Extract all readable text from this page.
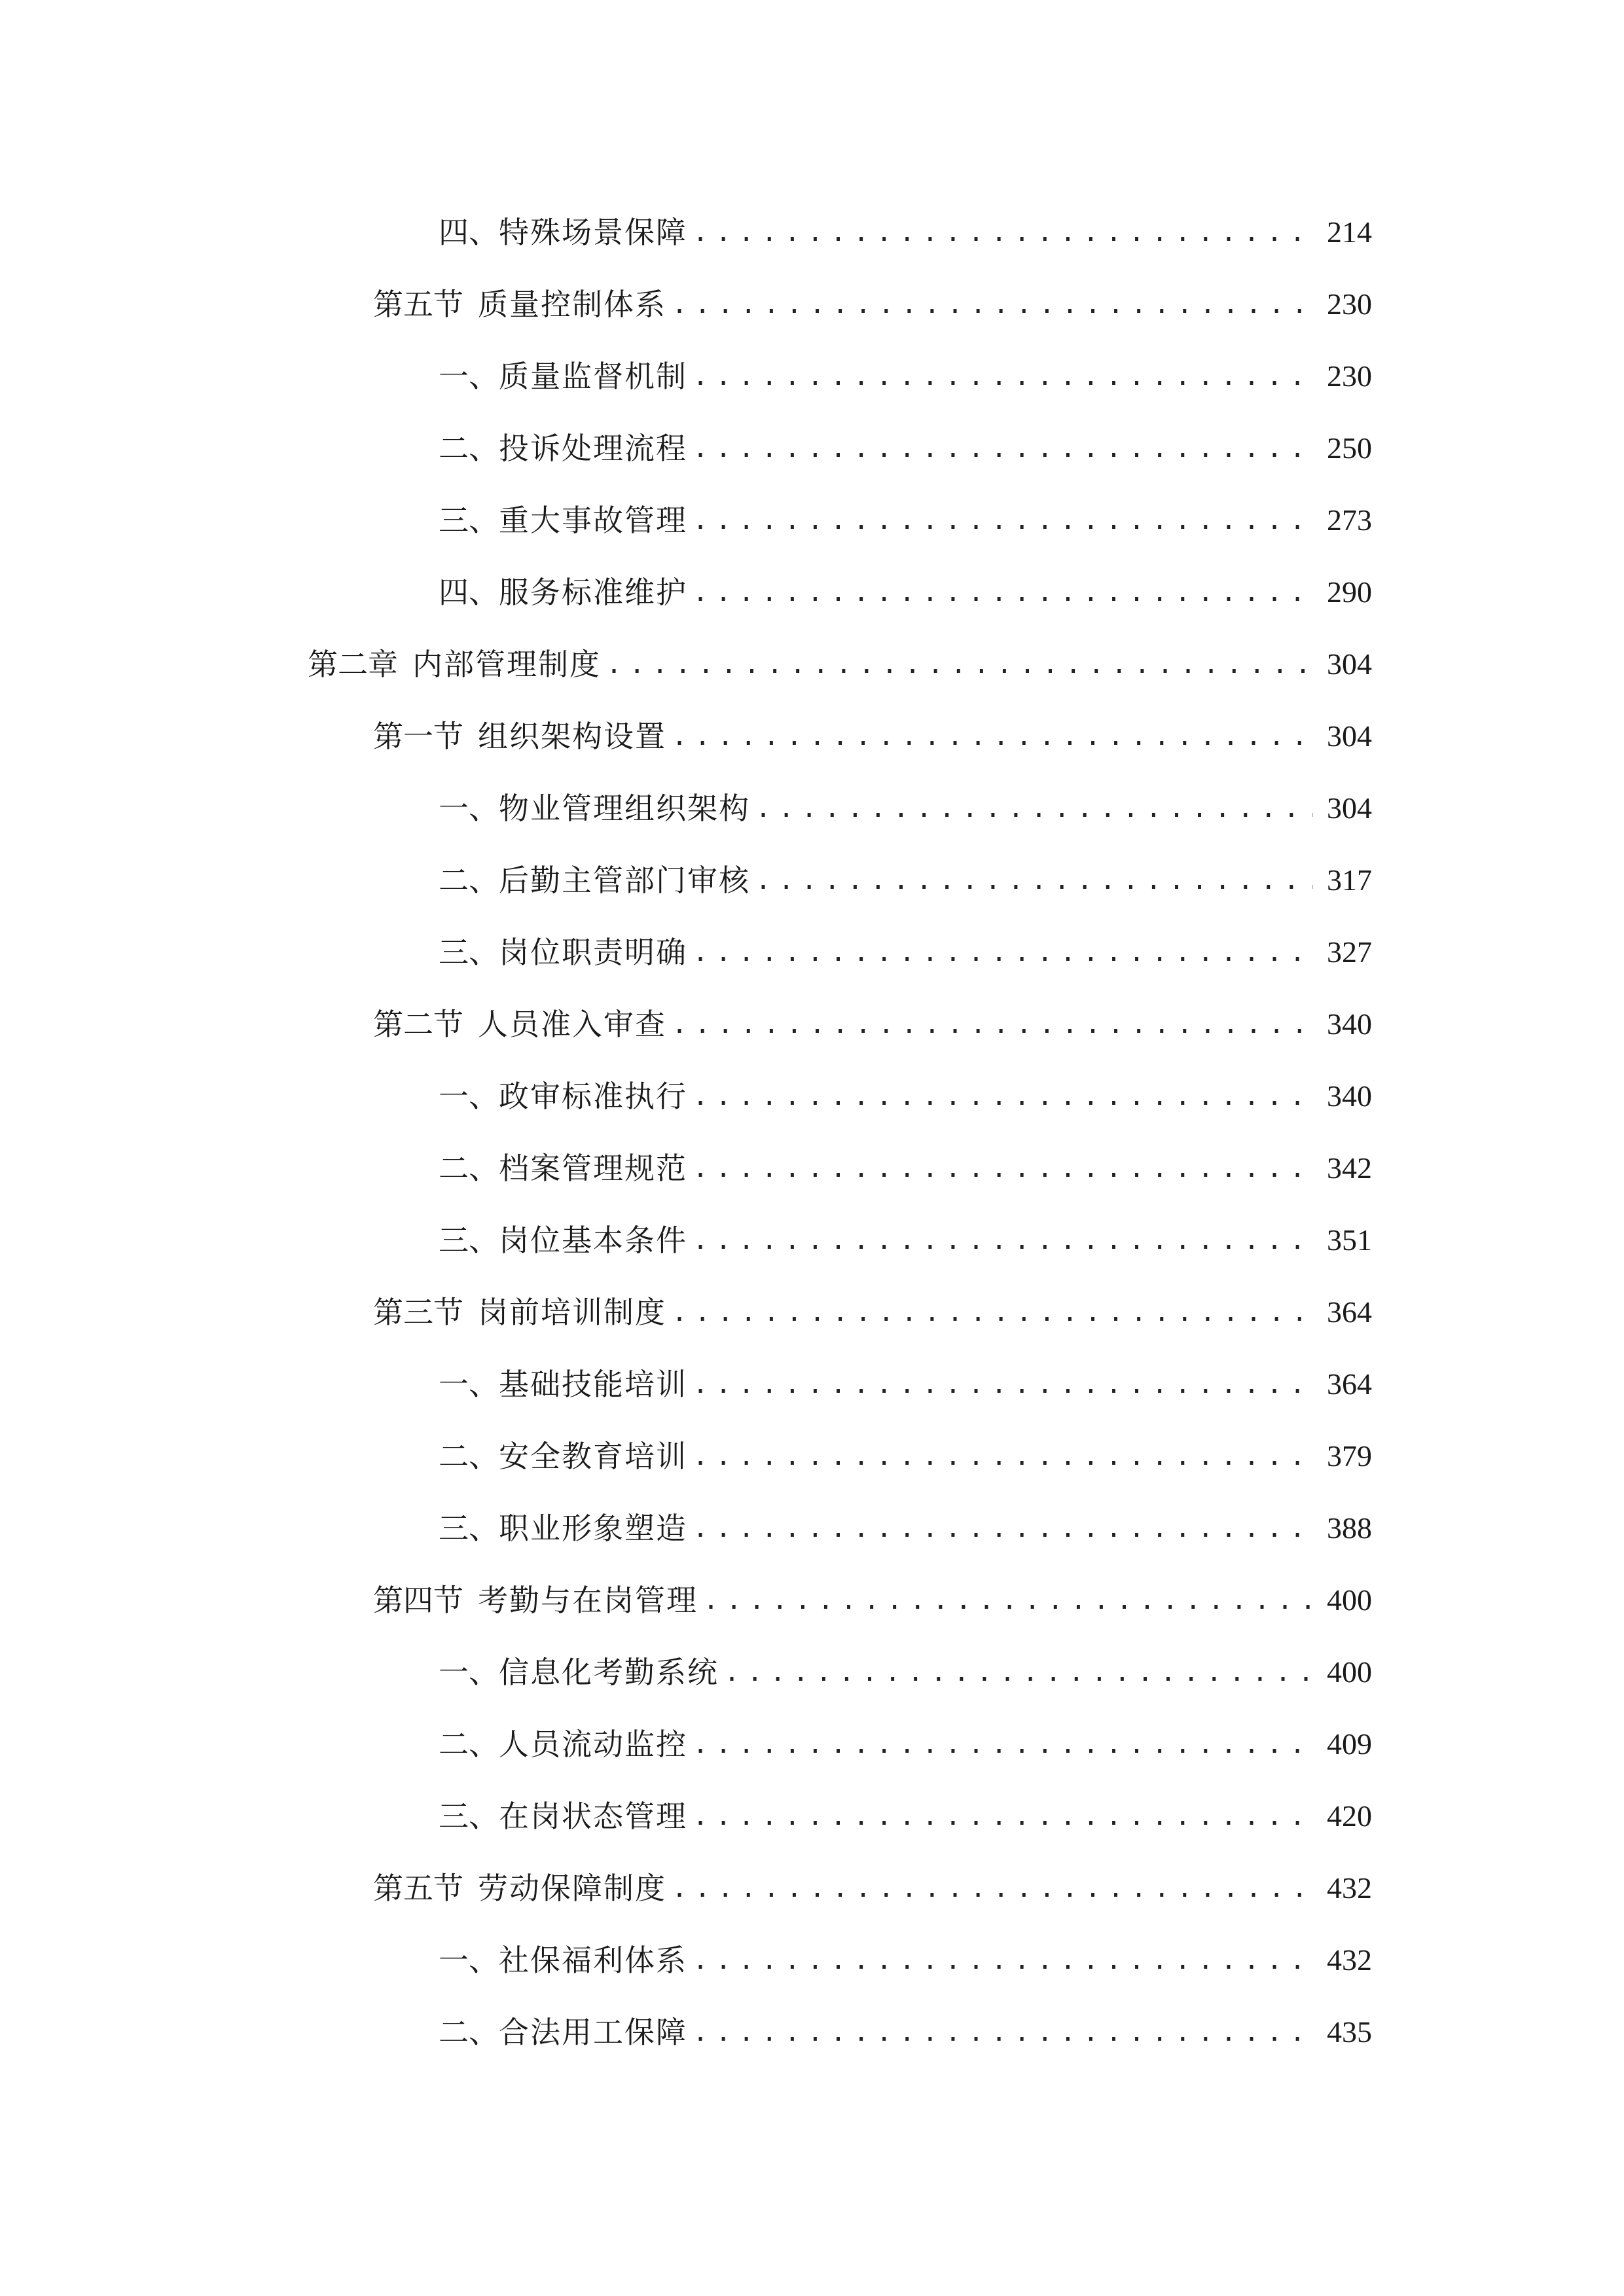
四、 特殊场景保障 .....	214
第五节 质量控制体系 .....	230
一、 质量监督机制 .....	230
二、 投诉处理流程 .....	250
三、 重大事故管理 .....	273
四、 服务标准维护 .....	290
第二章 内部管理制度 .....	304
第一节 组织架构设置 .....	304
一、 物业管理组织架构 .....	304
二、 后勤主管部门审核 .....	317
三、 岗位职责明确 .....	327
第二节 人员准入审查 .....	340
一、 政审标准执行 .....	340
二、 档案管理规范 .....	342
三、 岗位基本条件 .....	351
第三节 岗前培训制度 .....	364
一、 基础技能培训 .....	364
二、 安全教育培训 .....	379
三、 职业形象塑造 .....	388
第四节 考勤与在岗管理 .....	400
一、 信息化考勤系统 .....	400
二、 人员流动监控 .....	409
三、 在岗状态管理 .....	420
第五节 劳动保障制度 .....	432
一、 社保福利体系 .....	432
二、 合法用工保障 .....	435
